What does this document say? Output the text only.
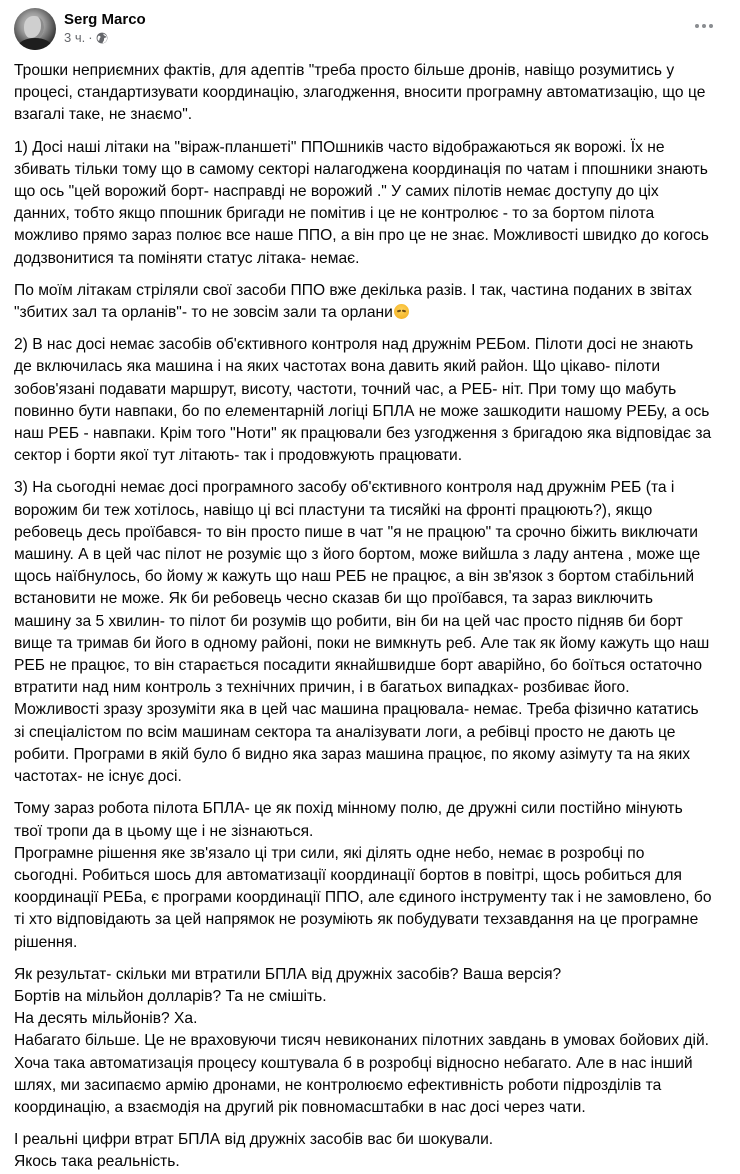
Serg Marco
3 ч. ·

Трошки неприємних фактів, для адептів "треба просто більше дронів, навіщо розумитись у процесі, стандартизувати координацію, злагодження, вносити програмну автоматизацію, що це взагалі таке, не знаємо".

1) Досі наші літаки на "віраж-планшеті" ППОшників часто відображаються як ворожі. Їх не збивать тільки тому що в самому секторі налагоджена координація по чатам і ппошники знають що ось "цей ворожий борт- насправді не ворожий ." У самих пілотів немає доступу до ціх данних, тобто якщо ппошник бригади не помітив і це не контролює - то за бортом пілота можливо прямо зараз полює все наше ППО, а він про це не знає. Можливості швидко до когось додзвонитися та поміняти статус літака- немає.

По моїм літакам стріляли свої засоби ППО вже декілька разів. І так, частина поданих в звітах "збитих зал та орланів"- то не зовсім зали та орлани

2) В нас досі немає засобів об'єктивного контроля над дружнім РЕБом. Пілоти досі не знають де включилась яка машина і на яких частотах вона давить який район. Що цікаво- пілоти зобов'язані подавати маршрут, висоту, частоти, точний час, а РЕБ- ніт. При тому що мабуть повинно бути навпаки, бо по елементарній логіці БПЛА не може зашкодити нашому РЕБу, а ось наш РЕБ - навпаки. Крім того "Ноти" як працювали без узгодження з бригадою яка відповідає за сектор і борти якої тут літають- так і продовжують працювати.

3) На сьогодні немає досі програмного засобу об'єктивного контроля над дружнім РЕБ (та і ворожим би теж хотілось, навіщо ці всі пластуни та тисяйкі на фронті працюють?), якщо ребовець десь проїбався- то він просто пише в чат "я не працюю" та срочно біжить виключати машину. А в цей час пілот не розуміє що з його бортом, може вийшла з ладу антена , може ще щось наїбнулось, бо йому ж кажуть що наш РЕБ не працює, а він зв'язок з бортом стабільний встановити не може. Як би ребовець чесно сказав би що проїбався, та зараз виключить машину за 5 хвилин- то пілот би розумів що робити, він би на цей час просто підняв би борт вище та тримав би його в одному районі, поки не вимкнуть реб. Але так як йому кажуть що наш РЕБ не працює, то він старається посадити якнайшвидше борт аварійно, бо боїться остаточно втратити над ним контроль з технічних причин, і в багатьох випадках- розбиває його. Можливості зразу зрозуміти яка в цей час машина працювала- немає. Треба фізично кататись зі спеціалістом по всім машинам сектора та аналізувати логи, а ребівці просто не дають це робити. Програми в якій було б видно яка зараз машина працює, по якому азімуту та на яких частотах- не існує досі.

Тому зараз робота пілота БПЛА- це як похід мінному полю, де дружні сили постійно мінують твої тропи да в цьому ще і не зізнаються.
Програмне рішення яке зв'язало ці три сили, які ділять одне небо, немає в розробці по сьогодні. Робиться шось для автоматизації координації бортов в повітрі, щось робиться для координації РЕБа, є програми координації ППО, але єдиного інструменту так і не замовлено, бо ті хто відповідають за цей напрямок не розуміють як побудувати техзавдання на це програмне рішення.

Як результат- скільки ми втратили БПЛА від дружніх засобів? Ваша версія?
Бортів на мільйон долларів? Та не смішіть.
На десять мільйонів? Ха.
Набагато більше. Це не враховуючи тисяч невиконаних пілотних завдань в умовах бойових дій. Хоча така автоматизація процесу коштувала б в розробці відносно небагато. Але в нас інший шлях, ми засипаємо армію дронами, не контролюємо ефективність роботи підрозділів та координацію, а взаємодія на другий рік повномасштабки в нас досі через чати.

І реальні цифри втрат БПЛА від дружніх засобів вас би шокували.
Якось така реальність.
